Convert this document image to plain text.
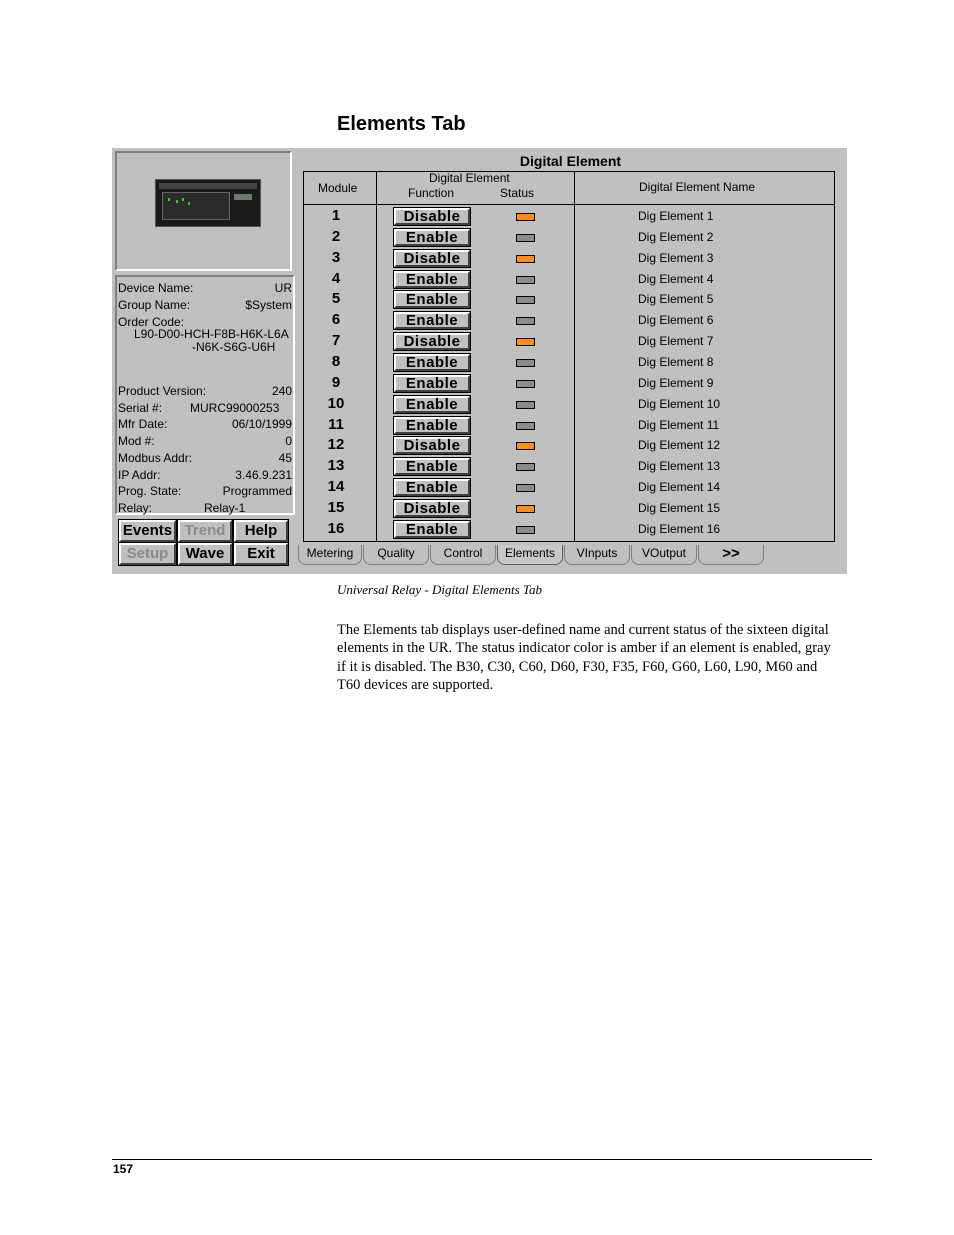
Elements Tab
Device Name:	UR
Group Name:	$System
Order Code:
L90-D00-HCH-F8B-H6K-L6A
-N6K-S6G-U6H
Product Version:	240
Serial #: MURC99000253
Mfr Date:	06/10/1999
Mod #:	0
Modbus Addr:	45
IP Addr:	3.46.9.231
Prog. State:	Programmed
Relay:	Relay-1
Events Trend	Help
Setup	Wave	Exit
Digital Element
Module
Digital Element
Function	Status	Digital Element Name
1	Disable	Dig Element 1
2	Enable	Dig Element 2
3	Disable	Dig Element 3
4	Enable	Dig Element 4
5	Enable	Dig Element 5
6	Enable	Dig Element 6
7	Disable	Dig Element 7
8	Enable	Dig Element 8
9	Enable	Dig Element 9
10	Enable	Dig Element 10
11	Enable	Dig Element 11
12	Disable	Dig Element 12
13	Enable	Dig Element 13
14	Enable	Dig Element 14
15	Disable	Dig Element 15
16	Enable	Dig Element 16
Metering	Quality	Control	Elements	VInputs	VOutput	>>
Universal Relay - Digital Elements Tab
The Elements tab displays user-defined name and current status of the sixteen digital
elements in the UR. The status indicator color is amber if an element is enabled, gray
if it is disabled. The B30, C30, C60, D60, F30, F35, F60, G60, L60, L90, M60 and
T60 devices are supported.
157
